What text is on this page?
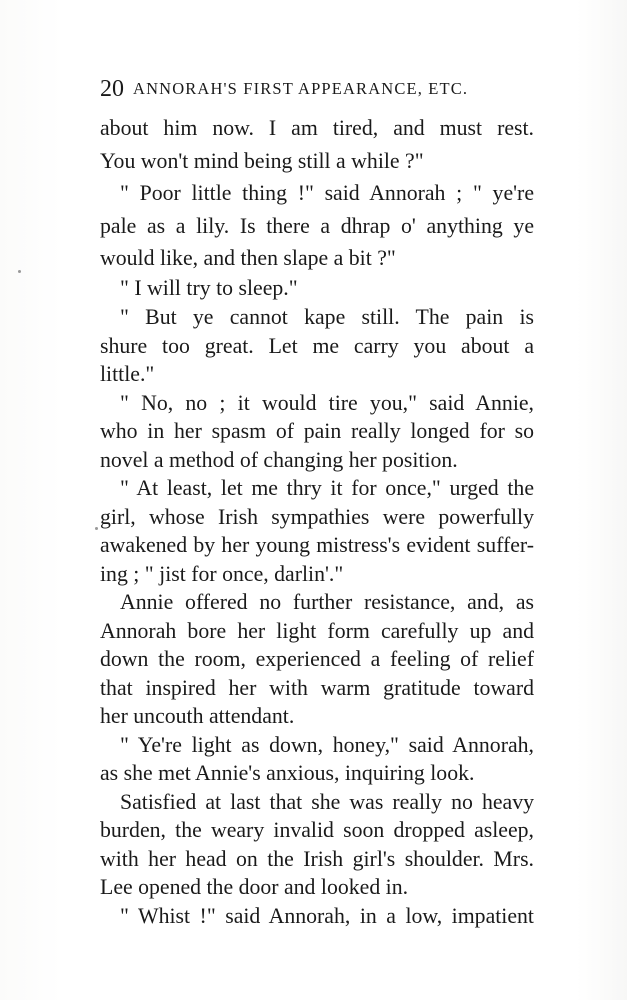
20 ANNORAH'S FIRST APPEARANCE, ETC.
about him now. I am tired, and must rest.
You won't mind being still a while ?"
" Poor little thing !" said Annorah ; " ye're
pale as a lily. Is there a dhrap o' anything ye
would like, and then slape a bit ?"
" I will try to sleep."
" But ye cannot kape still. The pain is
shure too great. Let me carry you about a
little."
" No, no ; it would tire you," said Annie,
who in her spasm of pain really longed for so
novel a method of changing her position.
" At least, let me thry it for once," urged the
girl, whose Irish sympathies were powerfully
awakened by her young mistress's evident suffer-
ing ; " jist for once, darlin'."
Annie offered no further resistance, and, as
Annorah bore her light form carefully up and
down the room, experienced a feeling of relief
that inspired her with warm gratitude toward
her uncouth attendant.
" Ye're light as down, honey," said Annorah,
as she met Annie's anxious, inquiring look.
Satisfied at last that she was really no heavy
burden, the weary invalid soon dropped asleep,
with her head on the Irish girl's shoulder. Mrs.
Lee opened the door and looked in.
" Whist !" said Annorah, in a low, impatient
